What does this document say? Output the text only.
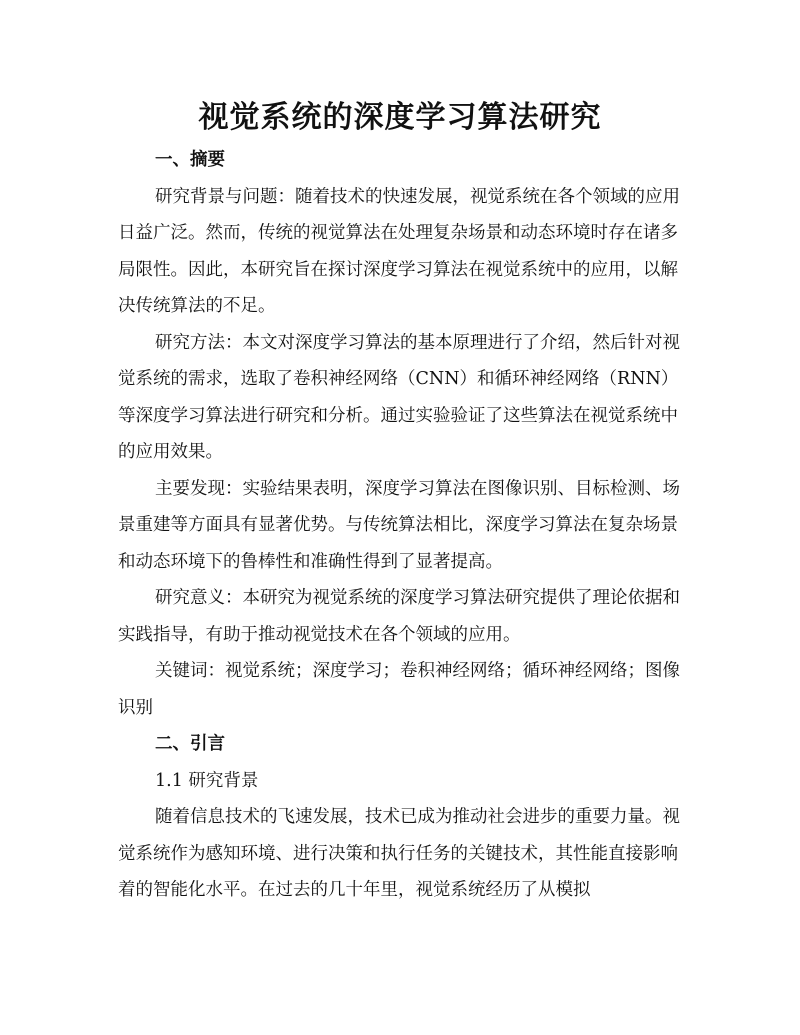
视觉系统的深度学习算法研究

一、摘要

研究背景与问题：随着技术的快速发展，视觉系统在各个领域的应用日益广泛。然而，传统的视觉算法在处理复杂场景和动态环境时存在诸多局限性。因此，本研究旨在探讨深度学习算法在视觉系统中的应用，以解决传统算法的不足。

研究方法：本文对深度学习算法的基本原理进行了介绍，然后针对视觉系统的需求，选取了卷积神经网络（CNN）和循环神经网络（RNN）等深度学习算法进行研究和分析。通过实验验证了这些算法在视觉系统中的应用效果。

主要发现：实验结果表明，深度学习算法在图像识别、目标检测、场景重建等方面具有显著优势。与传统算法相比，深度学习算法在复杂场景和动态环境下的鲁棒性和准确性得到了显著提高。

研究意义：本研究为视觉系统的深度学习算法研究提供了理论依据和实践指导，有助于推动视觉技术在各个领域的应用。

关键词：视觉系统；深度学习；卷积神经网络；循环神经网络；图像识别

二、引言

1.1 研究背景

随着信息技术的飞速发展，技术已成为推动社会进步的重要力量。视觉系统作为感知环境、进行决策和执行任务的关键技术，其性能直接影响着的智能化水平。在过去的几十年里，视觉系统经历了从模拟
